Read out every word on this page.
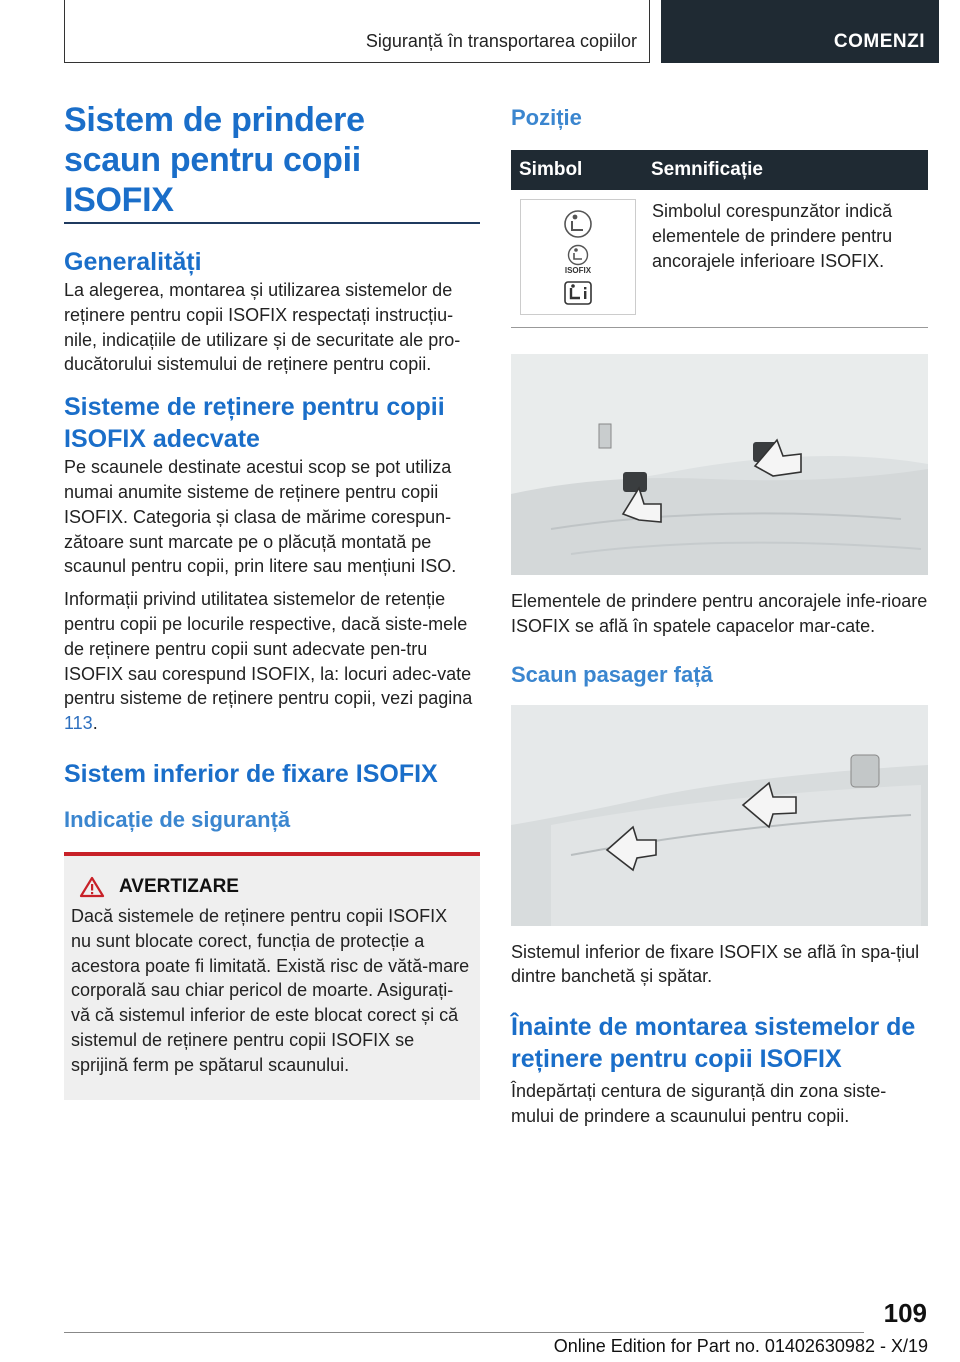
Siguranță în transportarea copiilor	COMENZI
Sistem de prindere scaun pentru copii ISOFIX
Generalități

La alegerea, montarea și utilizarea sistemelor de reținere pentru copii ISOFIX respectați instrucțiu-nile, indicațiile de utilizare și de securitate ale pro-ducătorului sistemului de reținere pentru copii.

Sisteme de reținere pentru copii ISOFIX adecvate

Pe scaunele destinate acestui scop se pot utiliza numai anumite sisteme de reținere pentru copii ISOFIX. Categoria și clasa de mărime corespun-zătoare sunt marcate pe o plăcuță montată pe scaunul pentru copii, prin litere sau mențiuni ISO.

Informații privind utilitatea sistemelor de retenție pentru copii pe locurile respective, dacă siste-mele de reținere pentru copii sunt adecvate pen-tru ISOFIX sau corespund ISOFIX, la: locuri adec-vate pentru sisteme de reținere pentru copii, vezi pagina 113.

Sistem inferior de fixare ISOFIX
Indicație de siguranță
AVERTIZARE

Dacă sistemele de reținere pentru copii ISOFIX nu sunt blocate corect, funcția de protecție a acestora poate fi limitată. Există risc de vătă-mare corporală sau chiar pericol de moarte. Asigurați-vă că sistemul inferior de este blocat corect și că sistemul de reținere pentru copii ISOFIX se sprijină ferm pe spătarul scaunului.

Poziție
Simbol	Semnificație

ISOFIX	Simbolul corespunzător indică elementele de prindere pentru ancorajele inferioare ISOFIX.

Elementele de prindere pentru ancorajele infe-rioare ISOFIX se află în spatele capacelor mar-cate.

Scaun pasager față

Sistemul inferior de fixare ISOFIX se află în spa-țiul dintre banchetă și spătar.

Înainte de montarea sistemelor de reținere pentru copii ISOFIX

Îndepărtați centura de siguranță din zona siste-mului de prindere a scaunului pentru copii.

109
Online Edition for Part no. 01402630982 - X/19
